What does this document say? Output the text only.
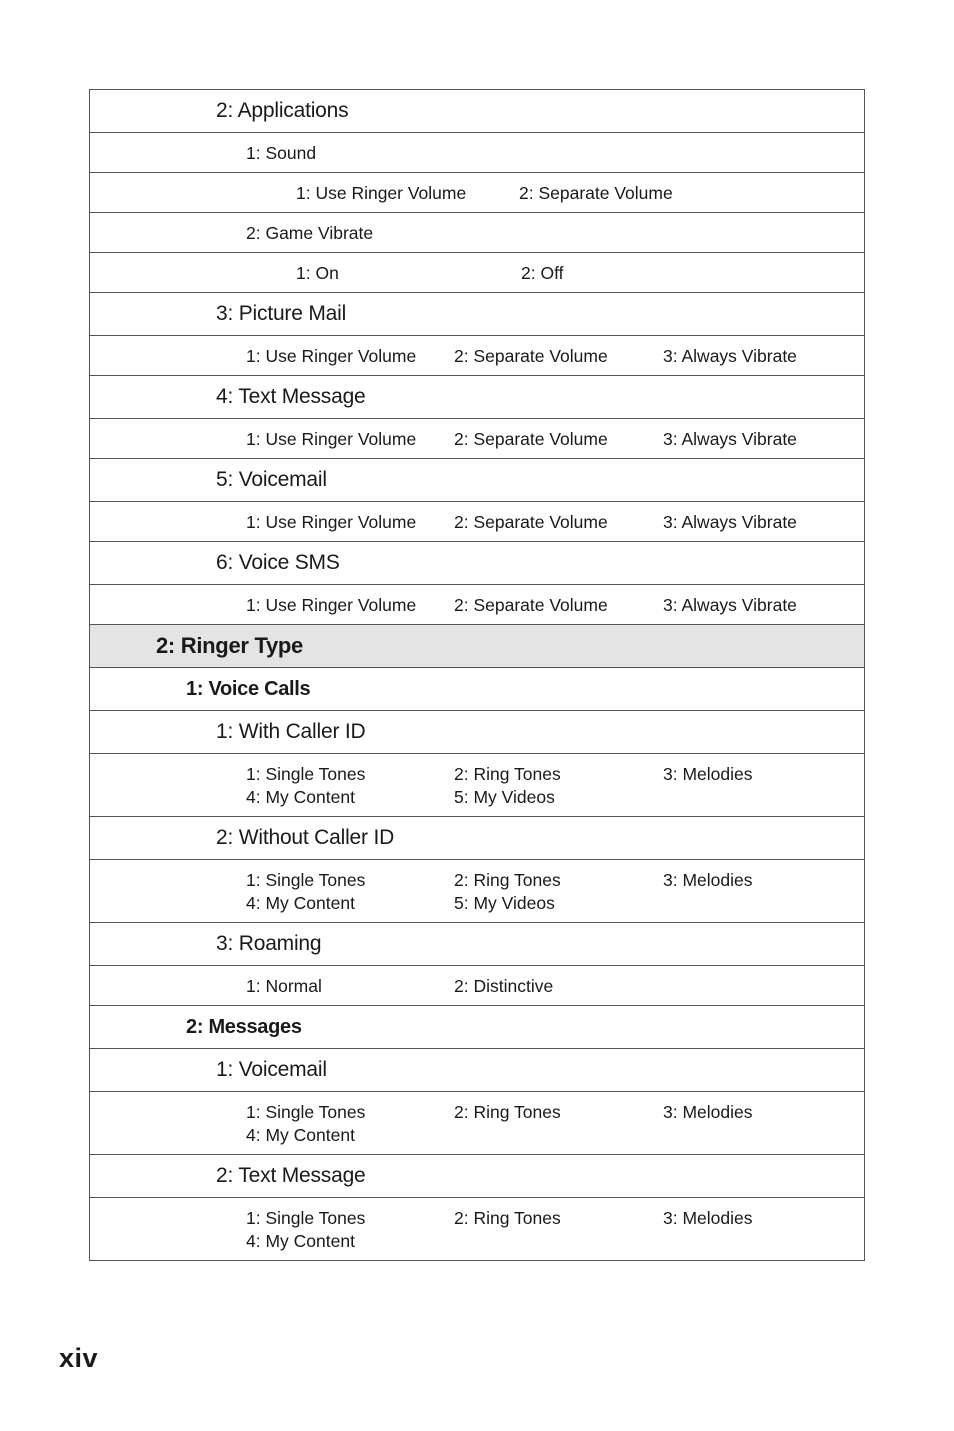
2: Applications
1: Sound
1: Use Ringer Volume	2: Separate Volume
2: Game Vibrate
1: On	2: Off
3: Picture Mail
1: Use Ringer Volume 2: Separate Volume	3: Always Vibrate
4: Text Message
1: Use Ringer Volume 2: Separate Volume	3: Always Vibrate
5: Voicemail
1: Use Ringer Volume 2: Separate Volume	3: Always Vibrate
6: Voice SMS
1: Use Ringer Volume 2: Separate Volume	3: Always Vibrate
2: Ringer Type
1: Voice Calls
1: With Caller ID
1: Single Tones	2: Ring Tones	3: Melodies
4: My Content	5: My Videos
2: Without Caller ID
1: Single Tones	2: Ring Tones	3: Melodies
4: My Content	5: My Videos
3: Roaming
1: Normal	2: Distinctive
2: Messages
1: Voicemail
1: Single Tones	2: Ring Tones	3: Melodies
4: My Content
2: Text Message
1: Single Tones	2: Ring Tones	3: Melodies
4: My Content
xiv
